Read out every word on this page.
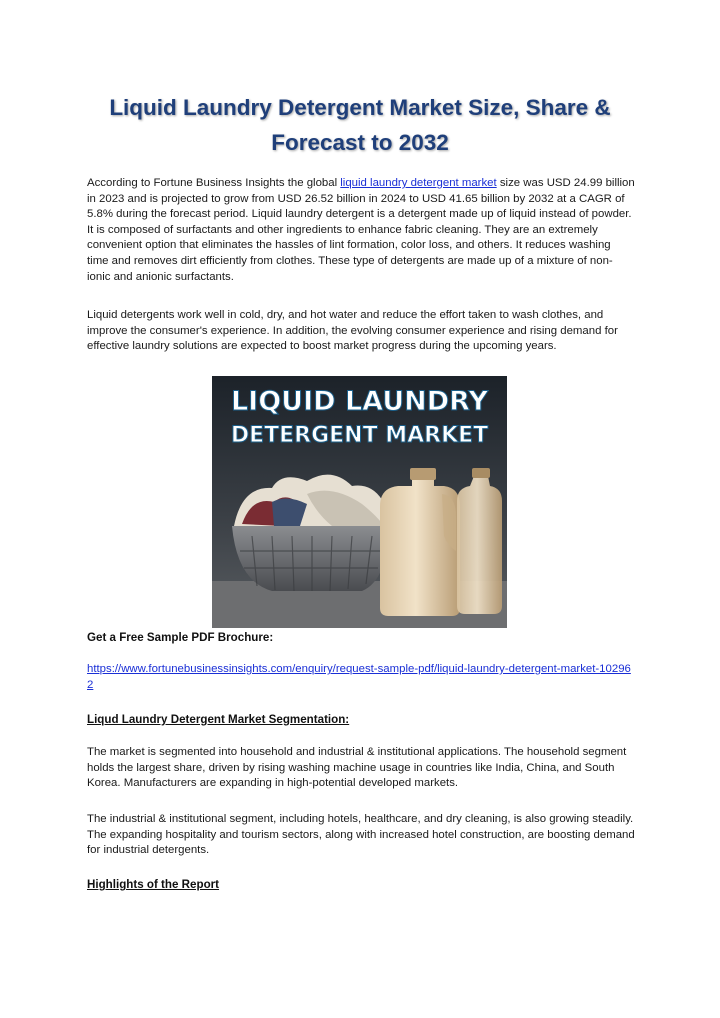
Liquid Laundry Detergent Market Size, Share &
Forecast to 2032

According to Fortune Business Insights the global liquid laundry detergent market size was USD 24.99 billion in 2023 and is projected to grow from USD 26.52 billion in 2024 to USD 41.65 billion by 2032 at a CAGR of 5.8% during the forecast period. Liquid laundry detergent is a detergent made up of liquid instead of powder. It is composed of surfactants and other ingredients to enhance fabric cleaning. They are an extremely convenient option that eliminates the hassles of lint formation, color loss, and others. It reduces washing time and removes dirt efficiently from clothes. These type of detergents are made up of a mixture of non-ionic and anionic surfactants.

Liquid detergents work well in cold, dry, and hot water and reduce the effort taken to wash clothes, and improve the consumer's experience. In addition, the evolving consumer experience and rising demand for effective laundry solutions are expected to boost market progress during the upcoming years.

LIQUID LAUNDRY
DETERGENT MARKET

Get a Free Sample PDF Brochure:

https://www.fortunebusinessinsights.com/enquiry/request-sample-pdf/liquid-laundry-detergent-market-102962

Liqud Laundry Detergent Market Segmentation:

The market is segmented into household and industrial & institutional applications. The household segment holds the largest share, driven by rising washing machine usage in countries like India, China, and South Korea. Manufacturers are expanding in high-potential developed markets.

The industrial & institutional segment, including hotels, healthcare, and dry cleaning, is also growing steadily. The expanding hospitality and tourism sectors, along with increased hotel construction, are boosting demand for industrial detergents.

Highlights of the Report
